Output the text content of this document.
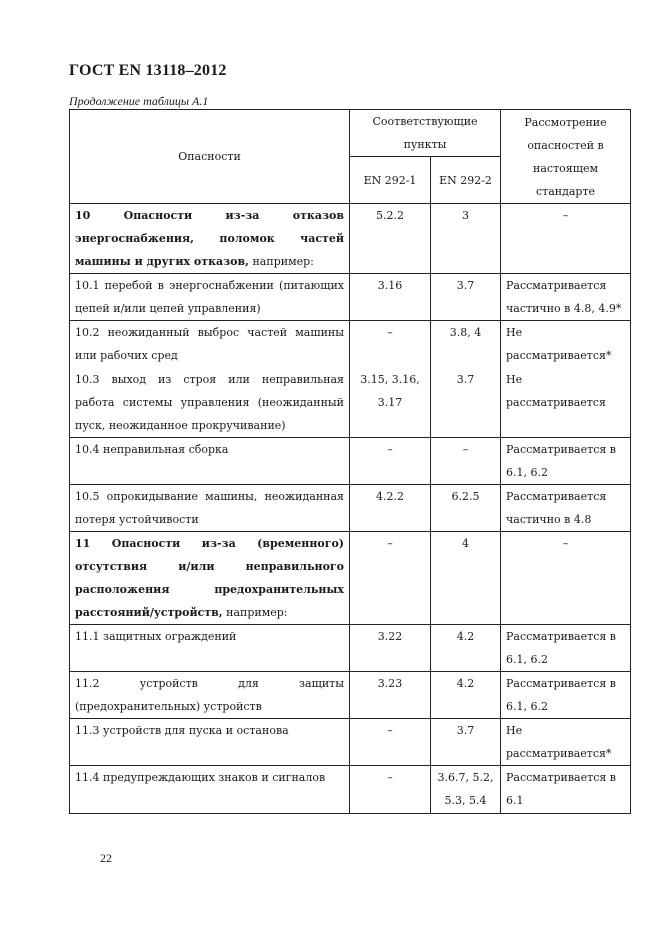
ГОСТ EN 13118–2012
Продолжение таблицы А.1
Опасности	Соответствующие пункты		Рассмотрение опасностей в настоящем стандарте
	EN 292-1	EN 292-2	
10 Опасности из-за отказов энергоснабжения, поломок частей машины и других отказов, например:	5.2.2	3	–
10.1 перебой в энергоснабжении (питающих цепей и/или цепей управления)	3.16	3.7	Рассматривается частично в 4.8, 4.9*
10.2 неожиданный выброс частей машины или рабочих сред	–	3.8, 4	Не рассматривается*
10.3 выход из строя или неправильная работа системы управления (неожиданный пуск, неожиданное прокручивание)	3.15, 3.16, 3.17	3.7	Не рассматривается
10.4 неправильная сборка	–	–	Рассматривается в 6.1, 6.2
10.5 опрокидывание машины, неожиданная потеря устойчивости	4.2.2	6.2.5	Рассматривается частично в 4.8
11 Опасности из-за (временного) отсутствия и/или неправильного расположения предохранительных расстояний/устройств, например:	–	4	–
11.1 защитных ограждений	3.22	4.2	Рассматривается в 6.1, 6.2
11.2 устройств для защиты (предохранительных) устройств	3.23	4.2	Рассматривается в 6.1, 6.2
11.3 устройств для пуска и останова	–	3.7	Не рассматривается*
11.4 предупреждающих знаков и сигналов	–	3.6.7, 5.2, 5.3, 5.4	Рассматривается в 6.1
22
